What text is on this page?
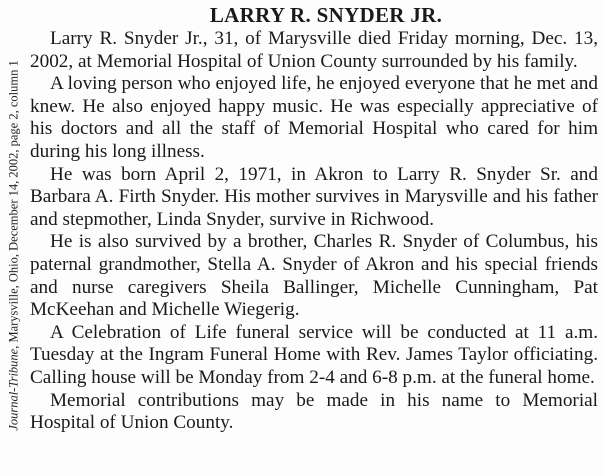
Journal-Tribune, Marysville, Ohio, December 14, 2002, page 2, column 1
LARRY R. SNYDER JR.

Larry R. Snyder Jr., 31, of Marysville died Friday morning, Dec. 13, 2002, at Memorial Hospital of Union County surrounded by his family.

A loving person who enjoyed life, he enjoyed everyone that he met and knew. He also enjoyed happy music. He was especially appreciative of his doctors and all the staff of Memorial Hospital who cared for him during his long illness.

He was born April 2, 1971, in Akron to Larry R. Snyder Sr. and Barbara A. Firth Snyder. His mother survives in Marysville and his father and stepmother, Linda Snyder, survive in Richwood.

He is also survived by a brother, Charles R. Snyder of Columbus, his paternal grandmother, Stella A. Snyder of Akron and his special friends and nurse caregivers Sheila Ballinger, Michelle Cunningham, Pat McKeehan and Michelle Wiegerig.

A Celebration of Life funeral service will be conducted at 11 a.m. Tuesday at the Ingram Funeral Home with Rev. James Taylor officiating. Calling house will be Monday from 2-4 and 6-8 p.m. at the funeral home.

Memorial contributions may be made in his name to Memorial Hospital of Union County.
